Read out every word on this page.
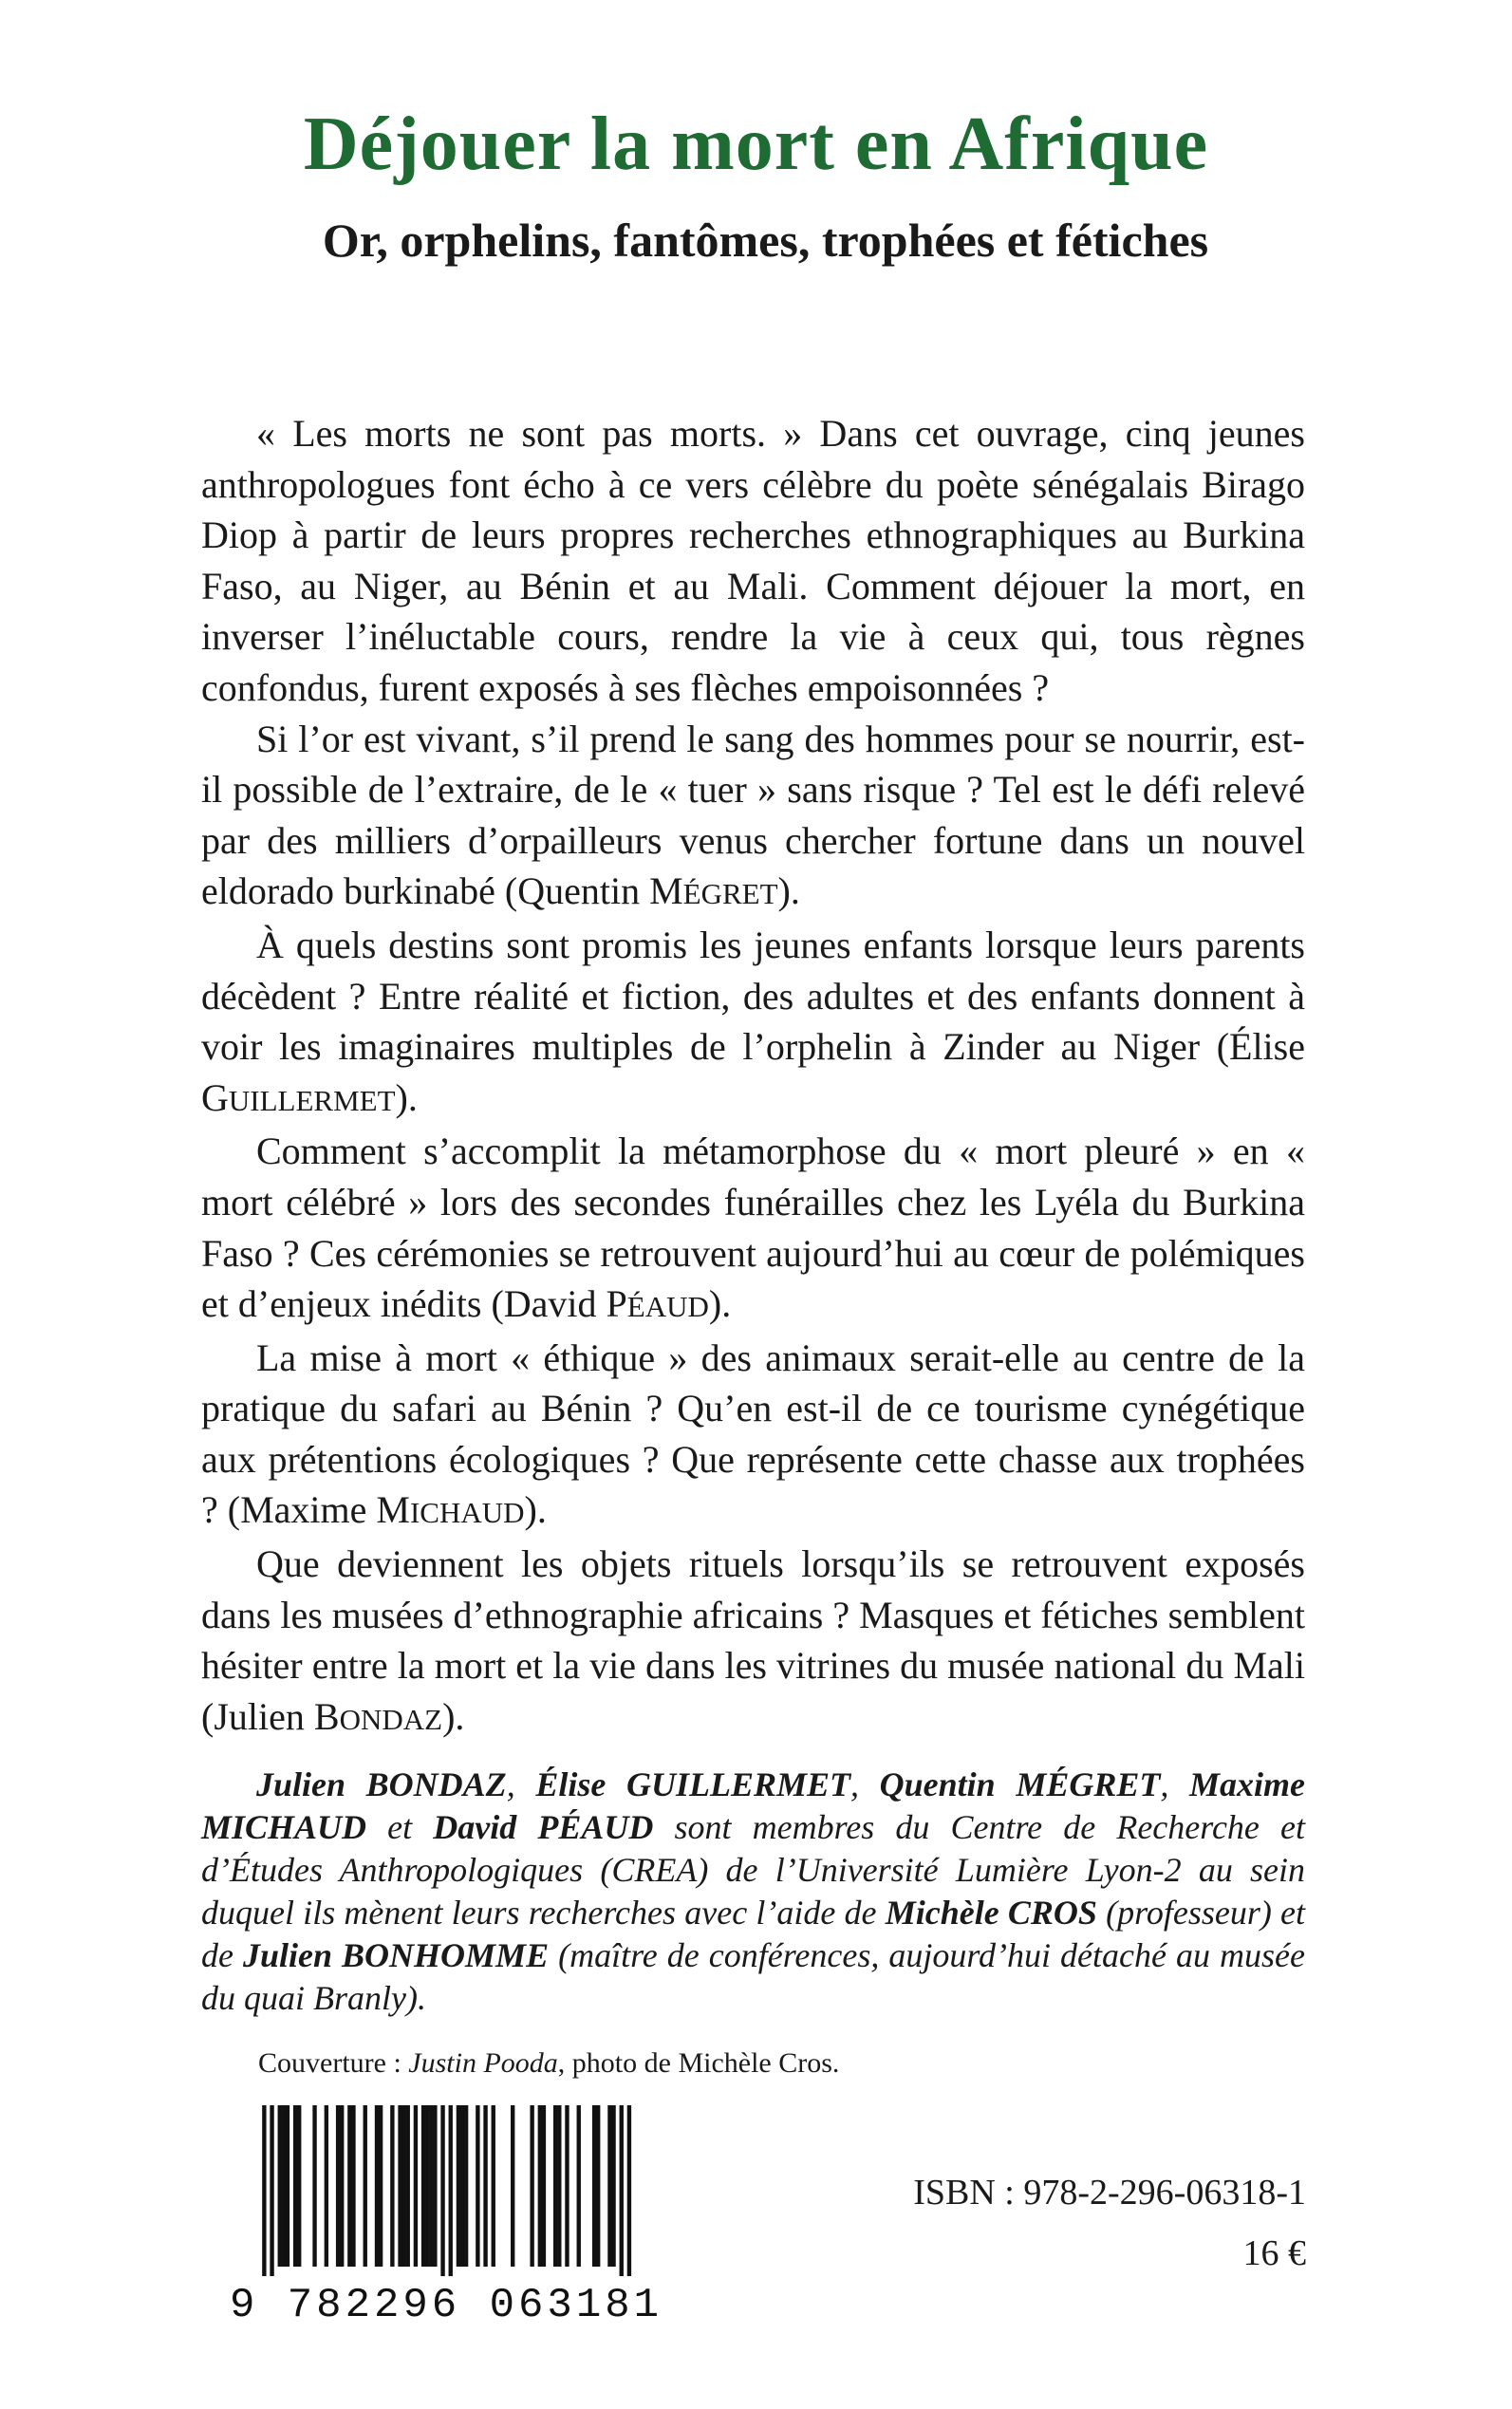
Déjouer la mort en Afrique
Or, orphelins, fantômes, trophées et fétiches

« Les morts ne sont pas morts. » Dans cet ouvrage, cinq jeunes anthropologues font écho à ce vers célèbre du poète sénégalais Birago Diop à partir de leurs propres recherches ethnographiques au Burkina Faso, au Niger, au Bénin et au Mali. Comment déjouer la mort, en inverser l’inéluctable cours, rendre la vie à ceux qui, tous règnes confondus, furent exposés à ses flèches empoisonnées ?

Si l’or est vivant, s’il prend le sang des hommes pour se nourrir, est-il possible de l’extraire, de le « tuer » sans risque ? Tel est le défi relevé par des milliers d’orpailleurs venus chercher fortune dans un nouvel eldorado burkinabé (Quentin MÉGRET).

À quels destins sont promis les jeunes enfants lorsque leurs parents décèdent ? Entre réalité et fiction, des adultes et des enfants donnent à voir les imaginaires multiples de l’orphelin à Zinder au Niger (Élise GUILLERMET).

Comment s’accomplit la métamorphose du « mort pleuré » en « mort célébré » lors des secondes funérailles chez les Lyéla du Burkina Faso ? Ces cérémonies se retrouvent aujourd’hui au cœur de polémiques et d’enjeux inédits (David PÉAUD).

La mise à mort « éthique » des animaux serait-elle au centre de la pratique du safari au Bénin ? Qu’en est-il de ce tourisme cynégétique aux prétentions écologiques ? Que représente cette chasse aux trophées ? (Maxime MICHAUD).

Que deviennent les objets rituels lorsqu’ils se retrouvent exposés dans les musées d’ethnographie africains ? Masques et fétiches semblent hésiter entre la mort et la vie dans les vitrines du musée national du Mali (Julien BONDAZ).

Julien BONDAZ, Élise GUILLERMET, Quentin MÉGRET, Maxime MICHAUD et David PÉAUD sont membres du Centre de Recherche et d’Études Anthropologiques (CREA) de l’Université Lumière Lyon-2 au sein duquel ils mènent leurs recherches avec l’aide de Michèle CROS (professeur) et de Julien BONHOMME (maître de conférences, aujourd’hui détaché au musée du quai Branly).
Couverture : Justin Pooda, photo de Michèle Cros.
9 782296 063181
ISBN : 978-2-296-06318-1
16 €
